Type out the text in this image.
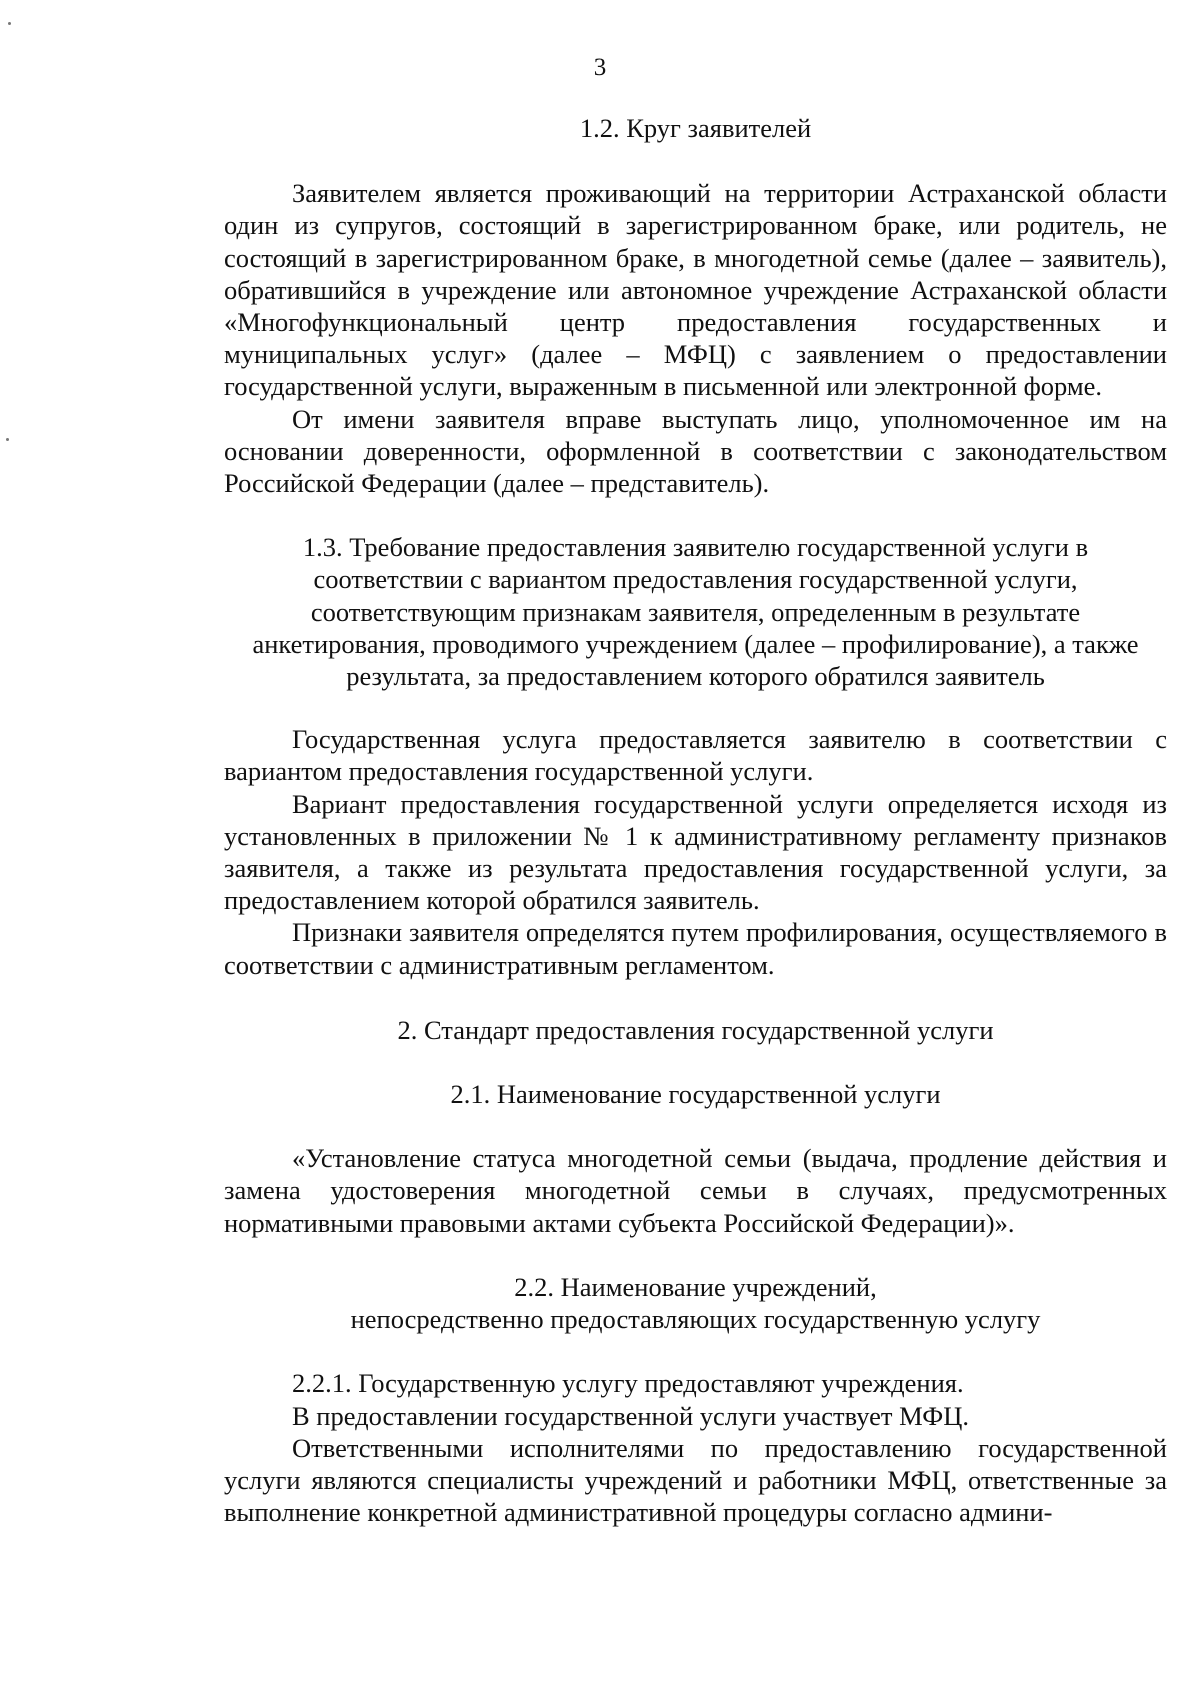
3

1.2. Круг заявителей

Заявителем является проживающий на территории Астраханской области один из супругов, состоящий в зарегистрированном браке, или родитель, не состоящий в зарегистрированном браке, в многодетной семье (далее – заявитель), обратившийся в учреждение или автономное учреждение Астраханской области «Многофункциональный центр предоставления государственных и муниципальных услуг» (далее – МФЦ) с заявлением о предоставлении государственной услуги, выраженным в письменной или электронной форме.

От имени заявителя вправе выступать лицо, уполномоченное им на основании доверенности, оформленной в соответствии с законодательством Российской Федерации (далее – представитель).

1.3. Требование предоставления заявителю государственной услуги в соответствии с вариантом предоставления государственной услуги, соответствующим признакам заявителя, определенным в результате анкетирования, проводимого учреждением (далее – профилирование), а также результата, за предоставлением которого обратился заявитель

Государственная услуга предоставляется заявителю в соответствии с вариантом предоставления государственной услуги.

Вариант предоставления государственной услуги определяется исходя из установленных в приложении № 1 к административному регламенту признаков заявителя, а также из результата предоставления государственной услуги, за предоставлением которой обратился заявитель.

Признаки заявителя определятся путем профилирования, осуществляемого в соответствии с административным регламентом.

2. Стандарт предоставления государственной услуги

2.1. Наименование государственной услуги

«Установление статуса многодетной семьи (выдача, продление действия и замена удостоверения многодетной семьи в случаях, предусмотренных нормативными правовыми актами субъекта Российской Федерации)».

2.2. Наименование учреждений,
непосредственно предоставляющих государственную услугу

2.2.1. Государственную услугу предоставляют учреждения.

В предоставлении государственной услуги участвует МФЦ.

Ответственными исполнителями по предоставлению государственной услуги являются специалисты учреждений и работники МФЦ, ответственные за выполнение конкретной административной процедуры согласно админи-
